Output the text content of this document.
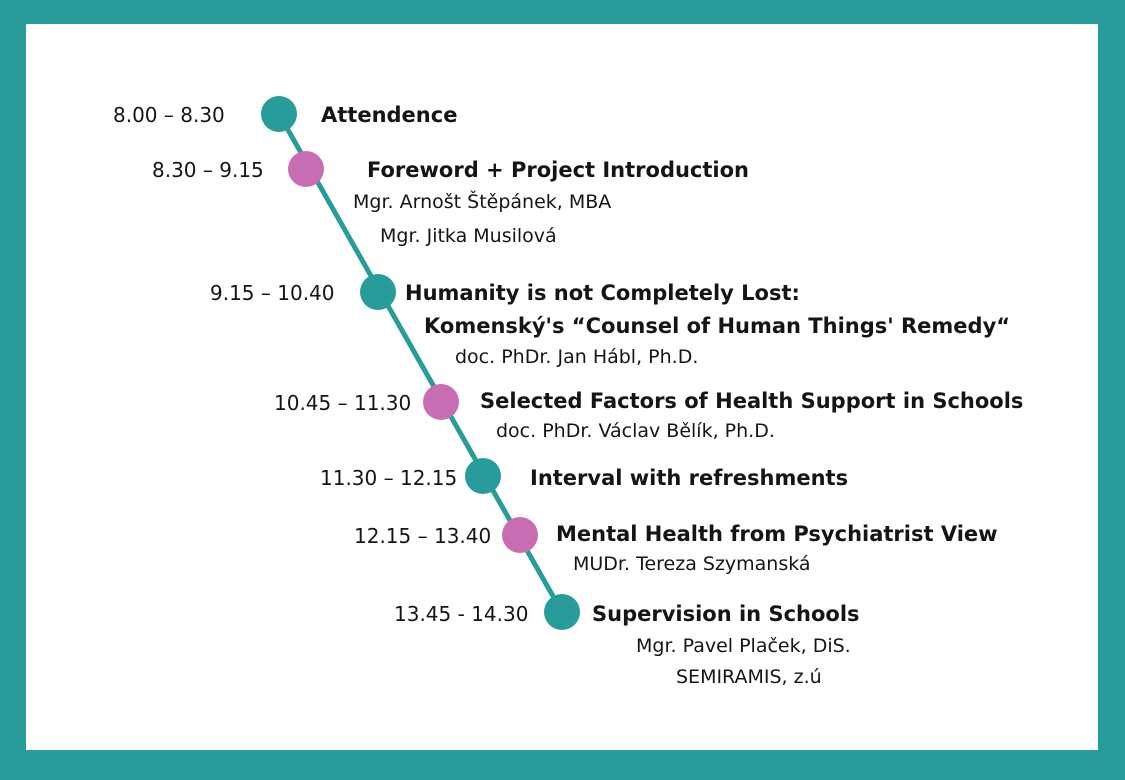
8.00 – 8.30	Attendence
8.30 – 9.15	Foreword + Project Introduction
Mgr. Arnošt Štěpánek, MBA
Mgr. Jitka Musilová
9.15 – 10.40	Humanity is not Completely Lost:
Komenský's “Counsel of Human Things' Remedy“
doc. PhDr. Jan Hábl, Ph.D.
10.45 – 11.30	Selected Factors of Health Support in Schools
doc. PhDr. Václav Bělík, Ph.D.
11.30 – 12.15	Interval with refreshments
12.15 – 13.40	Mental Health from Psychiatrist View
MUDr. Tereza Szymanská
13.45 - 14.30	Supervision in Schools
Mgr. Pavel Plaček, DiS.
SEMIRAMIS, z.ú
